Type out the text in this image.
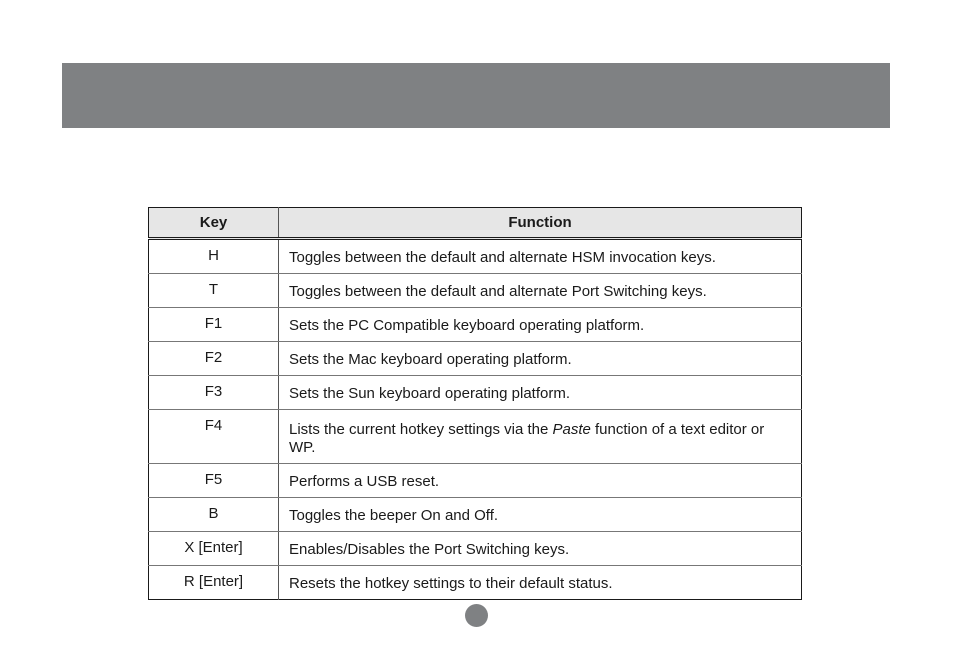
Key	Function
H	Toggles between the default and alternate HSM invocation keys.
T	Toggles between the default and alternate Port Switching keys.
F1	Sets the PC Compatible keyboard operating platform.
F2	Sets the Mac keyboard operating platform.
F3	Sets the Sun keyboard operating platform.
F4	Lists the current hotkey settings via the Paste function of a text editor or WP.
F5	Performs a USB reset.
B	Toggles the beeper On and Off.
X [Enter]	Enables/Disables the Port Switching keys.
R [Enter]	Resets the hotkey settings to their default status.
